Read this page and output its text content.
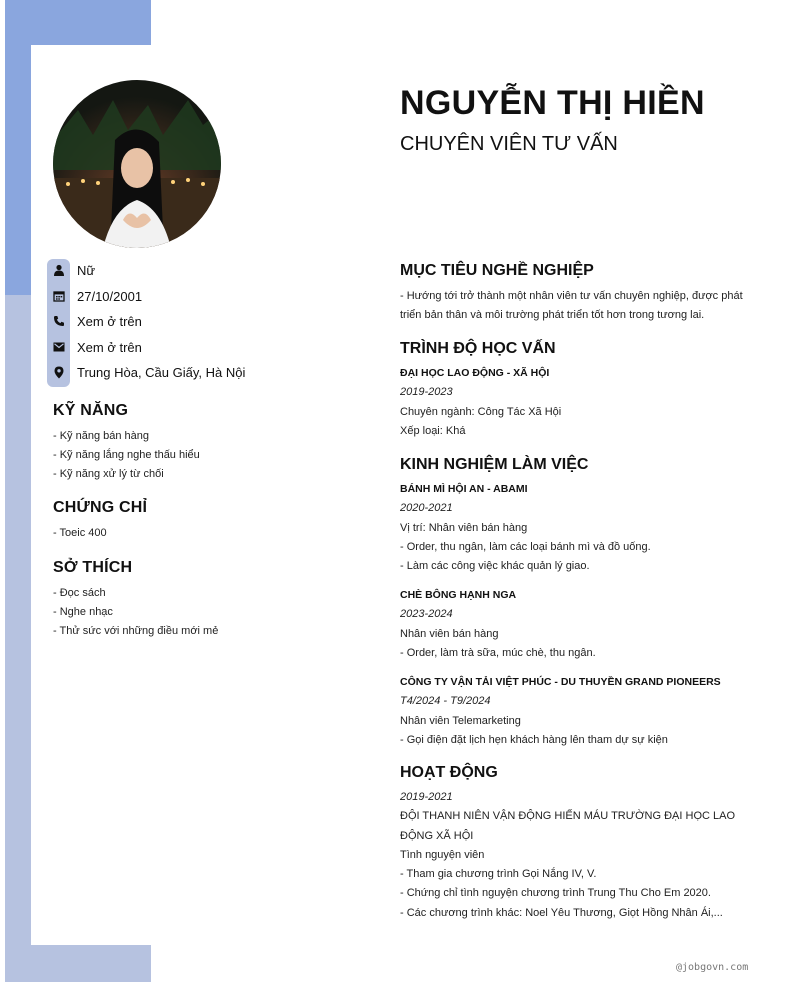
Nữ
27/10/2001
Xem ở trên
Xem ở trên
Trung Hòa, Cầu Giấy, Hà Nội
KỸ NĂNG
- Kỹ năng bán hàng
- Kỹ năng lắng nghe thấu hiểu
- Kỹ năng xử lý từ chối
CHỨNG CHỈ
- Toeic 400
SỞ THÍCH
- Đọc sách
- Nghe nhạc
- Thử sức với những điều mới mẻ
NGUYỄN THỊ HIỀN
CHUYÊN VIÊN TƯ VẤN
MỤC TIÊU NGHỀ NGHIỆP
- Hướng tới trở thành một nhân viên tư vấn chuyên nghiệp, được phát
triển bản thân và môi trường phát triển tốt hơn trong tương lai.
TRÌNH ĐỘ HỌC VẤN
ĐẠI HỌC LAO ĐỘNG - XÃ HỘI
2019-2023
Chuyên ngành: Công Tác Xã Hội
Xếp loại: Khá
KINH NGHIỆM LÀM VIỆC
BÁNH MÌ HỘI AN - ABAMI
2020-2021
Vị trí: Nhân viên bán hàng
- Order, thu ngân, làm các loại bánh mì và đồ uống.
- Làm các công việc khác quản lý giao.
CHÈ BÔNG HẠNH NGA
2023-2024
Nhân viên bán hàng
- Order, làm trà sữa, múc chè, thu ngân.
CÔNG TY VẬN TẢI VIỆT PHÚC - DU THUYỀN GRAND PIONEERS
T4/2024 - T9/2024
Nhân viên Telemarketing
- Gọi điện đặt lịch hẹn khách hàng lên tham dự sự kiện
HOẠT ĐỘNG
2019-2021
ĐỘI THANH NIÊN VẬN ĐỘNG HIẾN MÁU TRƯỜNG ĐẠI HỌC LAO ĐỘNG XÃ HỘI
Tình nguyện viên
- Tham gia chương trình Gọi Nắng IV, V.
- Chứng chỉ tình nguyện chương trình Trung Thu Cho Em 2020.
- Các chương trình khác: Noel Yêu Thương, Giọt Hồng Nhân Ái,...
@jobgovn.com
